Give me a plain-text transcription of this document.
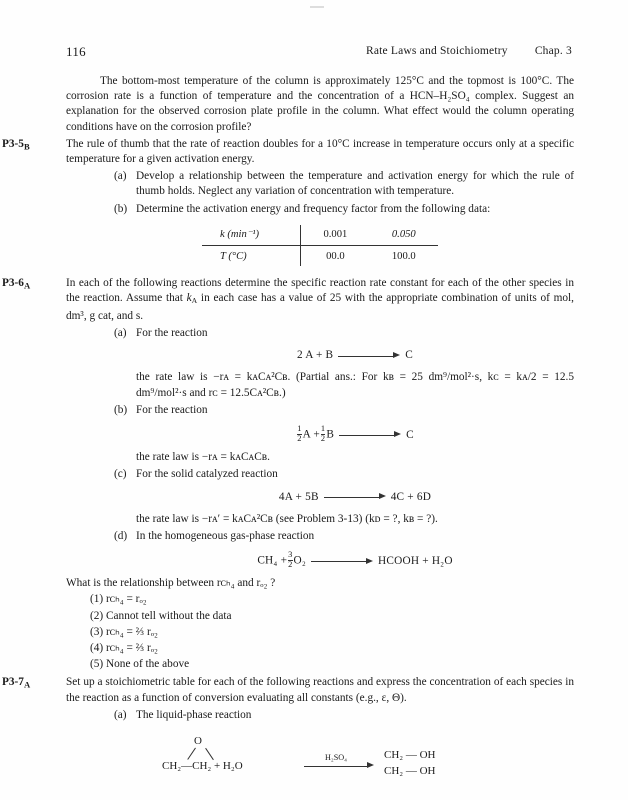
116	Rate Laws and Stoichiometry Chap. 3

The bottom-most temperature of the column is approximately 125°C and the topmost is 100°C. The corrosion rate is a function of temperature and the concentration of a HCN–H₂SO₄ complex. Suggest an explanation for the observed corrosion plate profile in the column. What effect would the column operating conditions have on the corrosion profile?

$P3-5_B$	The rule of thumb that the rate of reaction doubles for a 10°C increase in temperature occurs only at a specific temperature for a given activation energy.

(a) Develop a relationship between the temperature and activation energy for which the rule of thumb holds. Neglect any variation of concentration with temperature.
(b) Determine the activation energy and frequency factor from the following data:
k (min⁻¹)	0.001	0.050
T (°C)	00.0	100.0
$P3-6_A$	In each of the following reactions determine the specific reaction rate constant for each of the other species in the reaction. Assume that $k_A$ in each case has a value of 25 with the appropriate combination of units of mol, dm³, g cat, and s.

(a) For the reaction
2 A + B	C
the rate law is −rᴀ = kᴀCᴀ²Cʙ. (Partial ans.: For kʙ = 25 dm⁹/mol²·s, kᴄ = kᴀ/2 = 12.5 dm⁹/mol²·s and rᴄ = 12.5Cᴀ²Cʙ.)
(b) For the reaction
$\frac{1}{2}$ $A + \frac{1}{2}$ B	C
the rate law is −rᴀ = kᴀCᴀCʙ.
(c) For the solid catalyzed reaction
4A + 5B	4C + 6D
the rate law is −rᴀ′ = kᴀCᴀ²Cʙ (see Problem 3-13) (kᴅ = ?, kʙ = ?).
(d) In the homogeneous gas-phase reaction
$CH_4 + \frac{3}{2} O_2$	HCOOH + H₂O
What is the relationship between rᴄₕ₄ and rₒ₂ ?
(1) rᴄₕ₄ = rₒ₂
(2) Cannot tell without the data
(3) rᴄₕ₄ = ⅔ rₒ₂
(4) rᴄₕ₄ = ⅔ rₒ₂
(5) None of the above
$P3-7_A$	Set up a stoichiometric table for each of the following reactions and express the concentration of each species in the reaction as a function of conversion evaluating all constants (e.g., ε, Θ).

(a) The liquid-phase reaction
O
CH₂—CH₂ + H₂O
H₂SO₄	CH₂ — OH
CH₂ — OH
